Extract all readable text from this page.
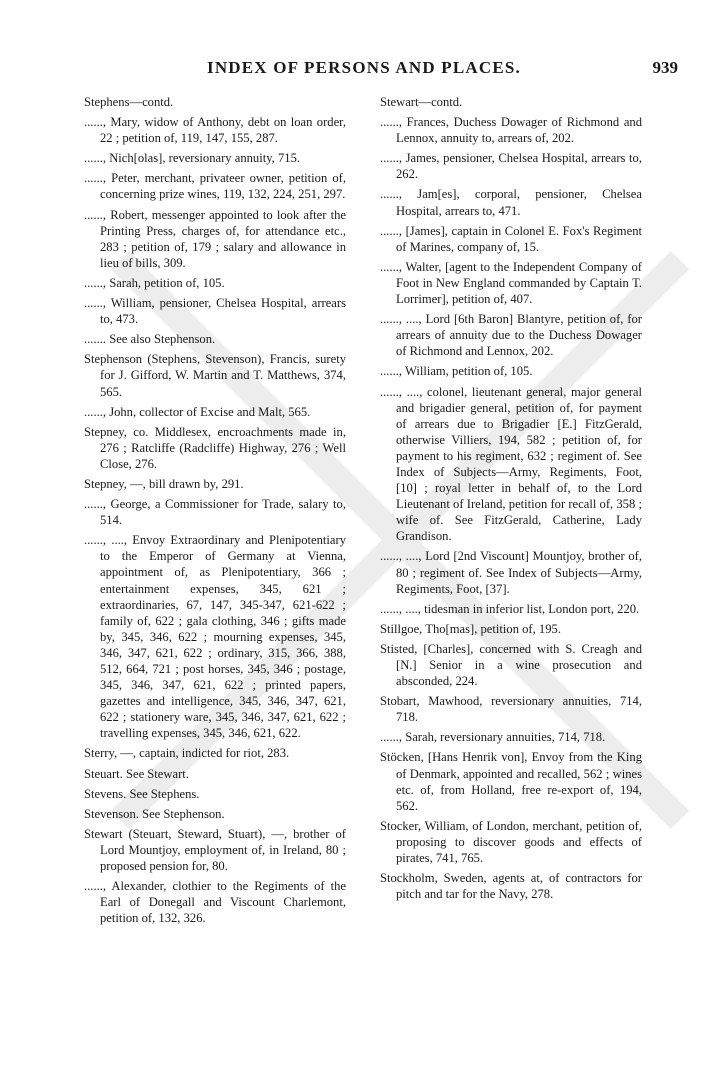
INDEX OF PERSONS AND PLACES.	939
Stephens—contd.
......, Mary, widow of Anthony, debt on loan order, 22 ; petition of, 119, 147, 155, 287.
......, Nich[olas], reversionary annuity, 715.
......, Peter, merchant, privateer owner, petition of, concerning prize wines, 119, 132, 224, 251, 297.
......, Robert, messenger appointed to look after the Printing Press, charges of, for attendance etc., 283 ; petition of, 179 ; salary and allowance in lieu of bills, 309.
......, Sarah, petition of, 105.
......, William, pensioner, Chelsea Hospital, arrears to, 473.
....... See also Stephenson.
Stephenson (Stephens, Stevenson), Francis, surety for J. Gifford, W. Martin and T. Matthews, 374, 565.
......, John, collector of Excise and Malt, 565.
Stepney, co. Middlesex, encroachments made in, 276 ; Ratcliffe (Radcliffe) Highway, 276 ; Well Close, 276.
Stepney, —, bill drawn by, 291.
......, George, a Commissioner for Trade, salary to, 514.
......, ...., Envoy Extraordinary and Plenipotentiary to the Emperor of Germany at Vienna, appointment of, as Plenipotentiary, 366 ; entertainment expenses, 345, 621 ; extraordinaries, 67, 147, 345-347, 621-622 ; family of, 622 ; gala clothing, 346 ; gifts made by, 345, 346, 622 ; mourning expenses, 345, 346, 347, 621, 622 ; ordinary, 315, 366, 388, 512, 664, 721 ; post horses, 345, 346 ; postage, 345, 346, 347, 621, 622 ; printed papers, gazettes and intelligence, 345, 346, 347, 621, 622 ; stationery ware, 345, 346, 347, 621, 622 ; travelling expenses, 345, 346, 621, 622.
Sterry, —, captain, indicted for riot, 283.
Steuart. See Stewart.
Stevens. See Stephens.
Stevenson. See Stephenson.
Stewart (Steuart, Steward, Stuart), —, brother of Lord Mountjoy, employment of, in Ireland, 80 ; proposed pension for, 80.
......, Alexander, clothier to the Regiments of the Earl of Donegall and Viscount Charlemont, petition of, 132, 326.
Stewart—contd.
......, Frances, Duchess Dowager of Richmond and Lennox, annuity to, arrears of, 202.
......, James, pensioner, Chelsea Hospital, arrears to, 262.
......, Jam[es], corporal, pensioner, Chelsea Hospital, arrears to, 471.
......, [James], captain in Colonel E. Fox's Regiment of Marines, company of, 15.
......, Walter, [agent to the Independent Company of Foot in New England commanded by Captain T. Lorrimer], petition of, 407.
......, ...., Lord [6th Baron] Blantyre, petition of, for arrears of annuity due to the Duchess Dowager of Richmond and Lennox, 202.
......, William, petition of, 105.
......, ...., colonel, lieutenant general, major general and brigadier general, petition of, for payment of arrears due to Brigadier [E.] FitzGerald, otherwise Villiers, 194, 582 ; petition of, for payment to his regiment, 632 ; regiment of. See Index of Subjects—Army, Regiments, Foot, [10] ; royal letter in behalf of, to the Lord Lieutenant of Ireland, petition for recall of, 358 ; wife of. See FitzGerald, Catherine, Lady Grandison.
......, ...., Lord [2nd Viscount] Mountjoy, brother of, 80 ; regiment of. See Index of Subjects—Army, Regiments, Foot, [37].
......, ...., tidesman in inferior list, London port, 220.
Stillgoe, Tho[mas], petition of, 195.
Stisted, [Charles], concerned with S. Creagh and [N.] Senior in a wine prosecution and absconded, 224.
Stobart, Mawhood, reversionary annuities, 714, 718.
......, Sarah, reversionary annuities, 714, 718.
Stöcken, [Hans Henrik von], Envoy from the King of Denmark, appointed and recalled, 562 ; wines etc. of, from Holland, free re-export of, 194, 562.
Stocker, William, of London, merchant, petition of, proposing to discover goods and effects of pirates, 741, 765.
Stockholm, Sweden, agents at, of contractors for pitch and tar for the Navy, 278.
